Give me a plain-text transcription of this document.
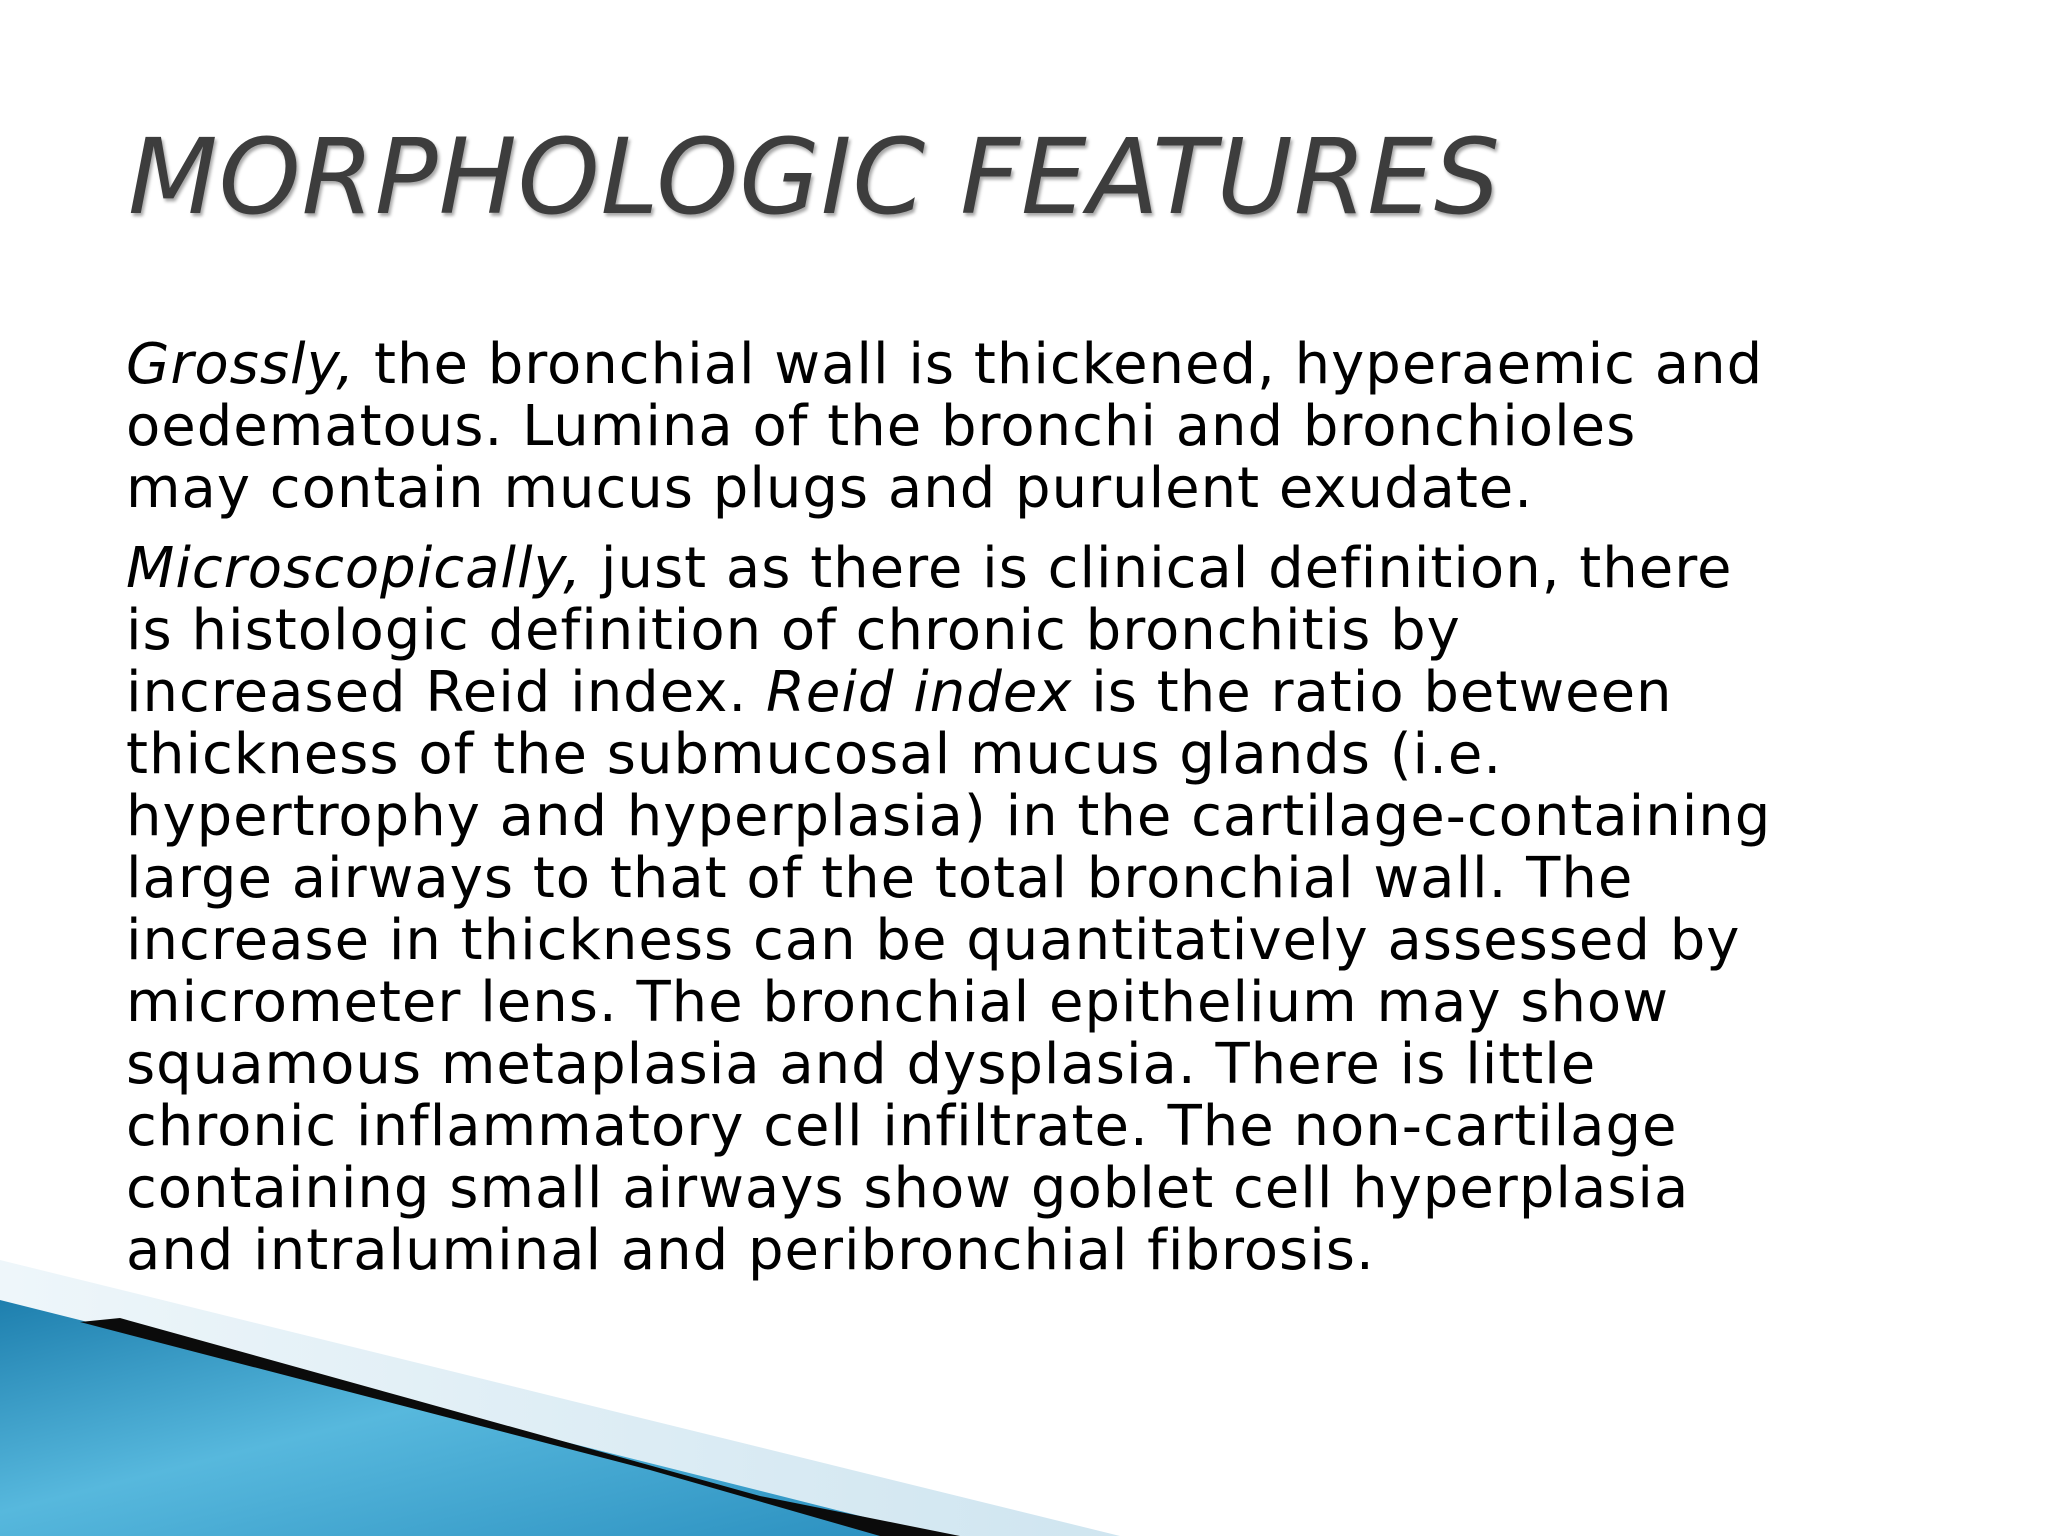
MORPHOLOGIC FEATURES

Grossly, the bronchial wall is thickened, hyperaemic and
oedematous. Lumina of the bronchi and bronchioles
may contain mucus plugs and purulent exudate.

Microscopically, just as there is clinical definition, there
is histologic definition of chronic bronchitis by
increased Reid index. Reid index is the ratio between
thickness of the submucosal mucus glands (i.e.
hypertrophy and hyperplasia) in the cartilage-containing
large airways to that of the total bronchial wall. The
increase in thickness can be quantitatively assessed by
micrometer lens. The bronchial epithelium may show
squamous metaplasia and dysplasia. There is little
chronic inflammatory cell infiltrate. The non-cartilage
containing small airways show goblet cell hyperplasia
and intraluminal and peribronchial fibrosis.
